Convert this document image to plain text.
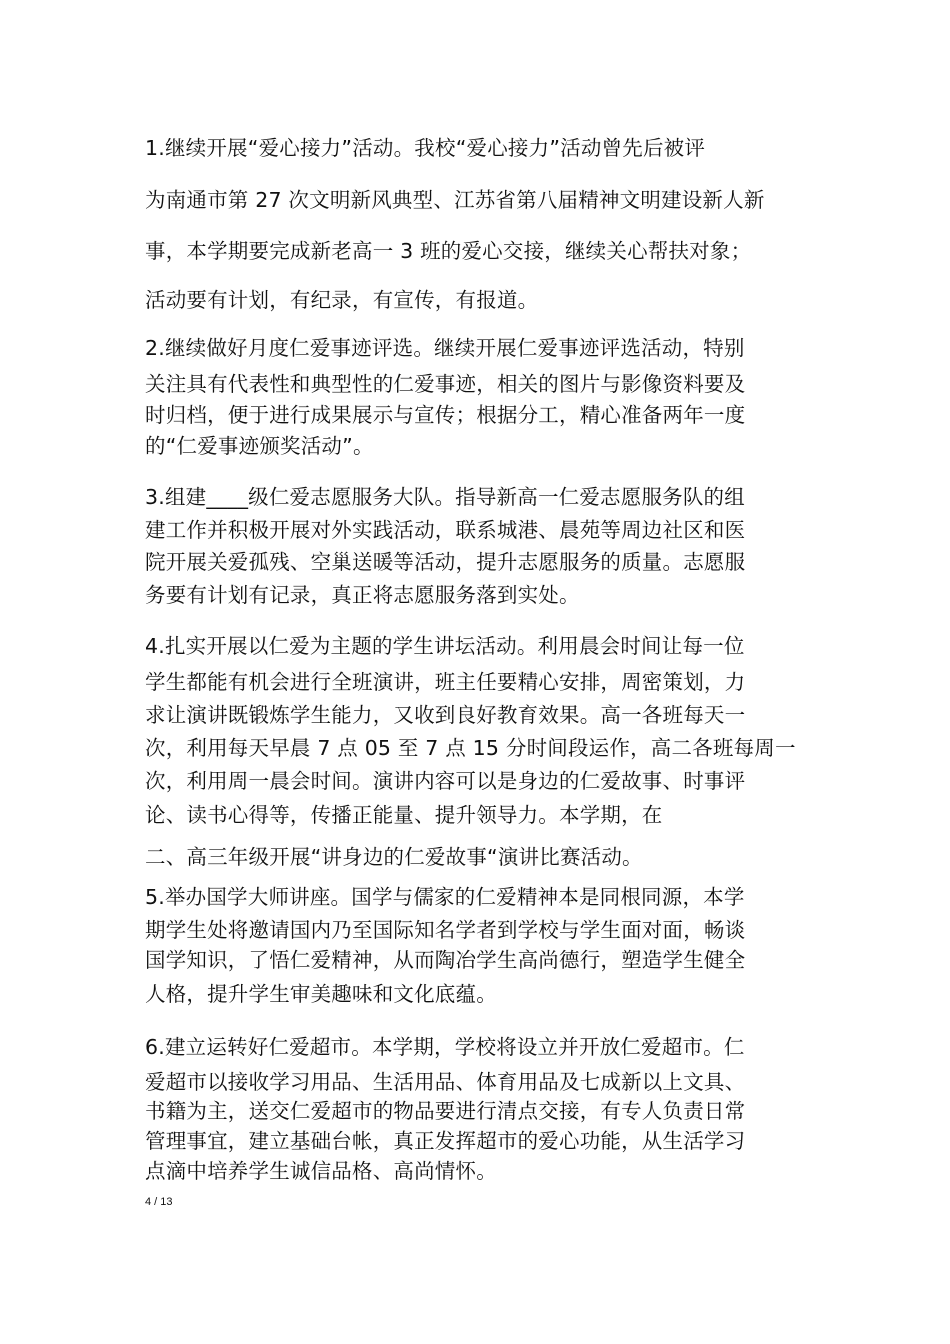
1.继续开展“爱心接力”活动。我校“爱心接力”活动曾先后被评
为南通市第 27 次文明新风典型、江苏省第八届精神文明建设新人新
事，本学期要完成新老高一 3 班的爱心交接，继续关心帮扶对象；
活动要有计划，有纪录，有宣传，有报道。
2.继续做好月度仁爱事迹评选。继续开展仁爱事迹评选活动，特别
关注具有代表性和典型性的仁爱事迹，相关的图片与影像资料要及
时归档，便于进行成果展示与宣传；根据分工，精心准备两年一度
的“仁爱事迹颁奖活动”。
3.组建____级仁爱志愿服务大队。指导新高一仁爱志愿服务队的组
建工作并积极开展对外实践活动，联系城港、晨苑等周边社区和医
院开展关爱孤残、空巢送暖等活动，提升志愿服务的质量。志愿服
务要有计划有记录，真正将志愿服务落到实处。
4.扎实开展以仁爱为主题的学生讲坛活动。利用晨会时间让每一位
学生都能有机会进行全班演讲，班主任要精心安排，周密策划，力
求让演讲既锻炼学生能力，又收到良好教育效果。高一各班每天一
次，利用每天早晨 7 点 05 至 7 点 15 分时间段运作，高二各班每周一
次，利用周一晨会时间。演讲内容可以是身边的仁爱故事、时事评
论、读书心得等，传播正能量、提升领导力。本学期，在
二、高三年级开展“讲身边的仁爱故事“演讲比赛活动。
5.举办国学大师讲座。国学与儒家的仁爱精神本是同根同源，本学
期学生处将邀请国内乃至国际知名学者到学校与学生面对面，畅谈
国学知识，了悟仁爱精神，从而陶冶学生高尚德行，塑造学生健全
人格，提升学生审美趣味和文化底蕴。
6.建立运转好仁爱超市。本学期，学校将设立并开放仁爱超市。仁
爱超市以接收学习用品、生活用品、体育用品及七成新以上文具、
书籍为主，送交仁爱超市的物品要进行清点交接，有专人负责日常
管理事宜，建立基础台帐，真正发挥超市的爱心功能，从生活学习
点滴中培养学生诚信品格、高尚情怀。
4 / 13
